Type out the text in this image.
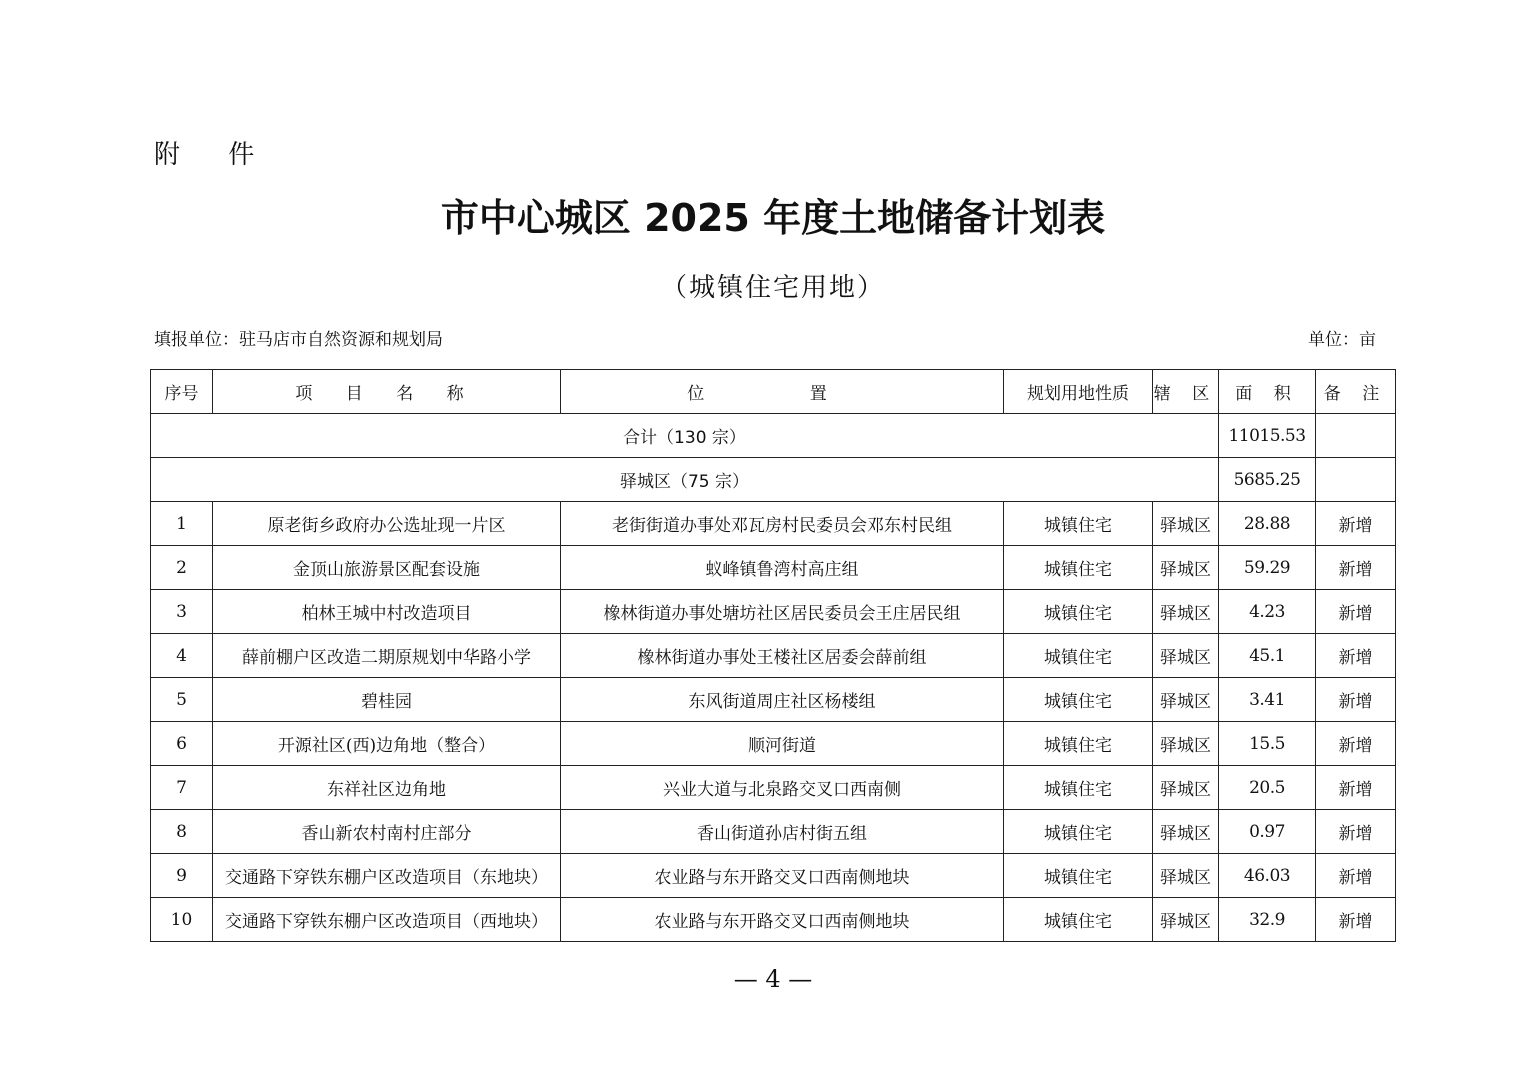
附 件
市中心城区 2025 年度土地储备计划表
（城镇住宅用地）
填报单位：驻马店市自然资源和规划局	单位：亩
序号	项 目 名 称	位 置	规划用地性质	辖 区	面 积	备 注
合计（130 宗）					11015.53	
驿城区（75 宗）					5685.25	
1	原老街乡政府办公选址现一片区	老街街道办事处邓瓦房村民委员会邓东村民组	城镇住宅	驿城区	28.88	新增
2	金顶山旅游景区配套设施	蚁峰镇鲁湾村高庄组	城镇住宅	驿城区	59.29	新增
3	柏林王城中村改造项目	橡林街道办事处塘坊社区居民委员会王庄居民组	城镇住宅	驿城区	4.23	新增
4	薛前棚户区改造二期原规划中华路小学	橡林街道办事处王楼社区居委会薛前组	城镇住宅	驿城区	45.1	新增
5	碧桂园	东风街道周庄社区杨楼组	城镇住宅	驿城区	3.41	新增
6	开源社区(西)边角地（整合）	顺河街道	城镇住宅	驿城区	15.5	新增
7	东祥社区边角地	兴业大道与北泉路交叉口西南侧	城镇住宅	驿城区	20.5	新增
8	香山新农村南村庄部分	香山街道孙店村街五组	城镇住宅	驿城区	0.97	新增
9	交通路下穿铁东棚户区改造项目（东地块）	农业路与东开路交叉口西南侧地块	城镇住宅	驿城区	46.03	新增
10	交通路下穿铁东棚户区改造项目（西地块）	农业路与东开路交叉口西南侧地块	城镇住宅	驿城区	32.9	新增
— 4 —
